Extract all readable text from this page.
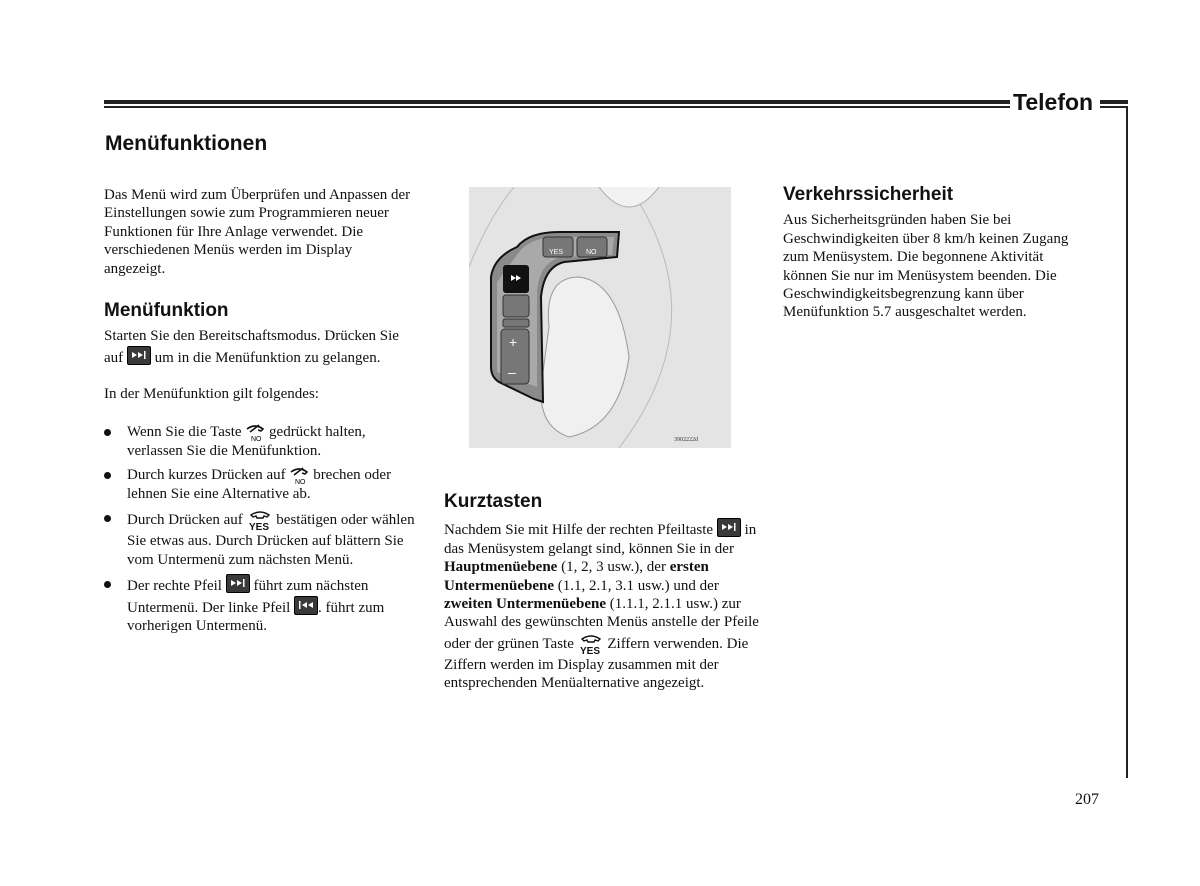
Telefon
Menüfunktionen

Das Menü wird zum Überprüfen und Anpassen der Einstellungen sowie zum Programmieren neuer Funktionen für Ihre Anlage verwendet. Die verschiedenen Menüs werden im Display angezeigt.

Menüfunktion

Starten Sie den Bereitschaftsmodus. Drücken Sie auf um in die Menüfunktion zu gelangen.

In der Menüfunktion gilt folgendes:

Wenn Sie die Taste NO gedrückt halten, verlassen Sie die Menüfunktion.
Durch kurzes Drücken auf NO brechen oder lehnen Sie eine Alternative ab.
Durch Drücken auf YES bestätigen oder wählen Sie etwas aus. Durch Drücken auf blättern Sie vom Untermenü zum nächsten Menü.
Der rechte Pfeil führt zum nächsten Untermenü. Der linke Pfeil . führt zum vorherigen Untermenü.
YES	NO
+
–
3902222d
Kurztasten

Nachdem Sie mit Hilfe der rechten Pfeiltaste in das Menüsystem gelangt sind, können Sie in der Hauptmenüebene (1, 2, 3 usw.), der ersten Untermenüebene (1.1, 2.1, 3.1 usw.) und der zweiten Untermenüebene (1.1.1, 2.1.1 usw.) zur Auswahl des gewünschten Menüs anstelle der Pfeile oder der grünen Taste YES Ziffern verwenden. Die Ziffern werden im Display zusammen mit der entsprechenden Menüalternative angezeigt.

Verkehrssicherheit

Aus Sicherheitsgründen haben Sie bei Geschwindigkeiten über 8 km/h keinen Zugang zum Menüsystem. Die begonnene Aktivität können Sie nur im Menüsystem beenden. Die Geschwindigkeitsbegrenzung kann über Menüfunktion 5.7 ausgeschaltet werden.

207
